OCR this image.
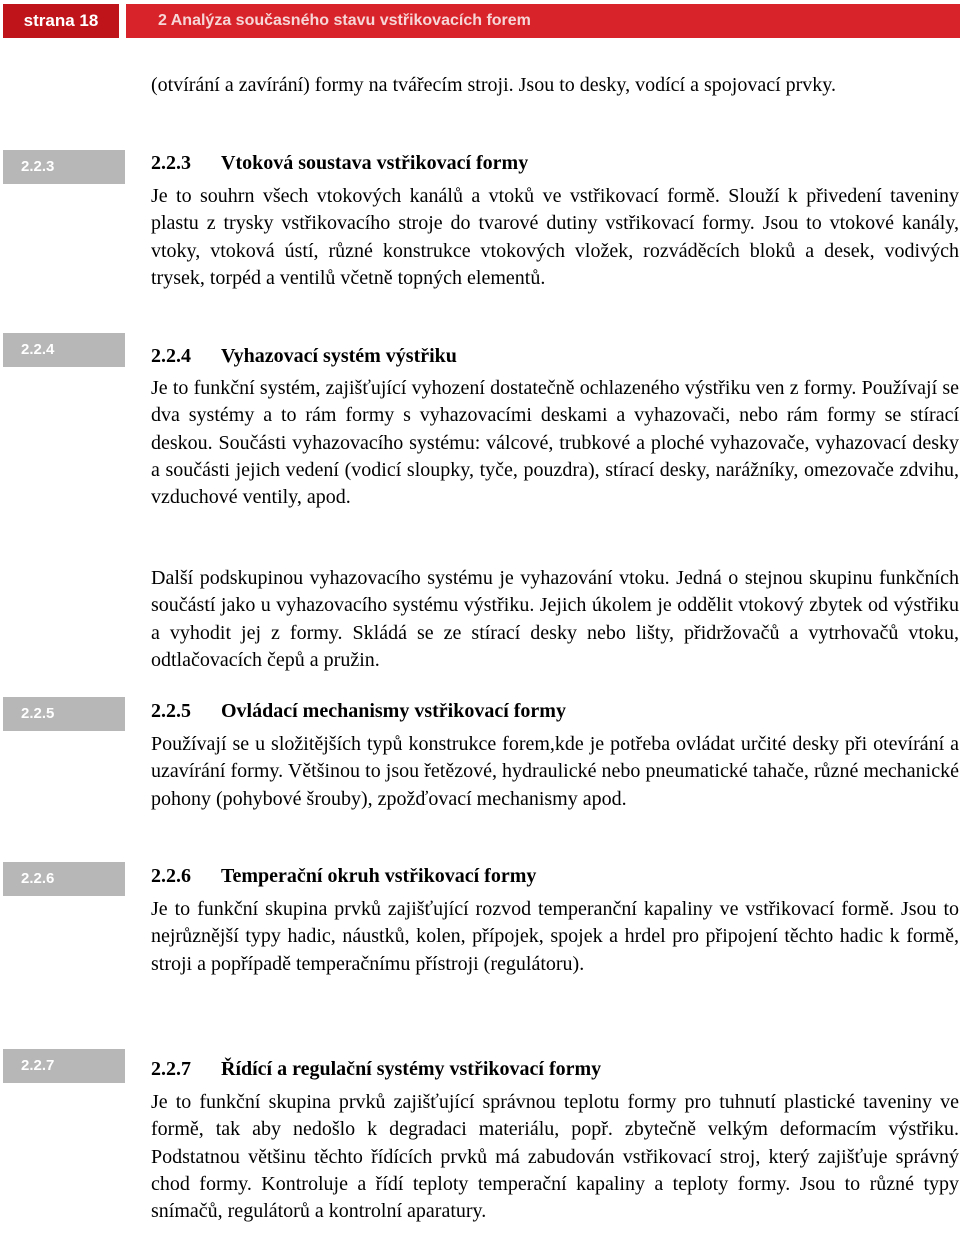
strana 18	2 Analýza současného stavu vstřikovacích forem

(otvírání a zavírání) formy na tvářecím stroji. Jsou to desky, vodící a spojovací prvky.

2.2.3	2.2.3 Vtoková soustava vstřikovací formy

Je to souhrn všech vtokových kanálů a vtoků ve vstřikovací formě. Slouží k přivedení taveniny plastu z trysky vstřikovacího stroje do tvarové dutiny vstřikovací formy. Jsou to vtokové kanály, vtoky, vtoková ústí, různé konstrukce vtokových vložek, rozváděcích bloků a desek, vodivých trysek, torpéd a ventilů včetně topných elementů.

2.2.4	2.2.4 Vyhazovací systém výstřiku

Je to funkční systém, zajišťující vyhození dostatečně ochlazeného výstřiku ven z formy. Používají se dva systémy a to rám formy s vyhazovacími deskami a vyhazovači, nebo rám formy se stírací deskou. Součásti vyhazovacího systému: válcové, trubkové a ploché vyhazovače, vyhazovací desky a součásti jejich vedení (vodicí sloupky, tyče, pouzdra), stírací desky, narážníky, omezovače zdvihu, vzduchové ventily, apod.

Další podskupinou vyhazovacího systému je vyhazování vtoku. Jedná o stejnou skupinu funkčních součástí jako u vyhazovacího systému výstřiku. Jejich úkolem je oddělit vtokový zbytek od výstřiku a vyhodit jej z formy. Skládá se ze stírací desky nebo lišty, přidržovačů a vytrhovačů vtoku, odtlačovacích čepů a pružin.

2.2.5	2.2.5 Ovládací mechanismy vstřikovací formy

Používají se u složitějších typů konstrukce forem,kde je potřeba ovládat určité desky při otevírání a uzavírání formy. Většinou to jsou řetězové, hydraulické nebo pneumatické tahače, různé mechanické pohony (pohybové šrouby), zpožďovací mechanismy apod.

2.2.6	2.2.6 Temperační okruh vstřikovací formy

Je to funkční skupina prvků zajišťující rozvod temperanční kapaliny ve vstřikovací formě. Jsou to nejrůznější typy hadic, náustků, kolen, přípojek, spojek a hrdel pro připojení těchto hadic k formě, stroji a popřípadě temperačnímu přístroji (regulátoru).

2.2.7	2.2.7 Řídící a regulační systémy vstřikovací formy

Je to funkční skupina prvků zajišťující správnou teplotu formy pro tuhnutí plastické taveniny ve formě, tak aby nedošlo k degradaci materiálu, popř. zbytečně velkým deformacím výstřiku. Podstatnou většinu těchto řídících prvků má zabudován vstřikovací stroj, který zajišťuje správný chod formy. Kontroluje a řídí teploty temperační kapaliny a teploty formy. Jsou to různé typy snímačů, regulátorů a kontrolní aparatury.
